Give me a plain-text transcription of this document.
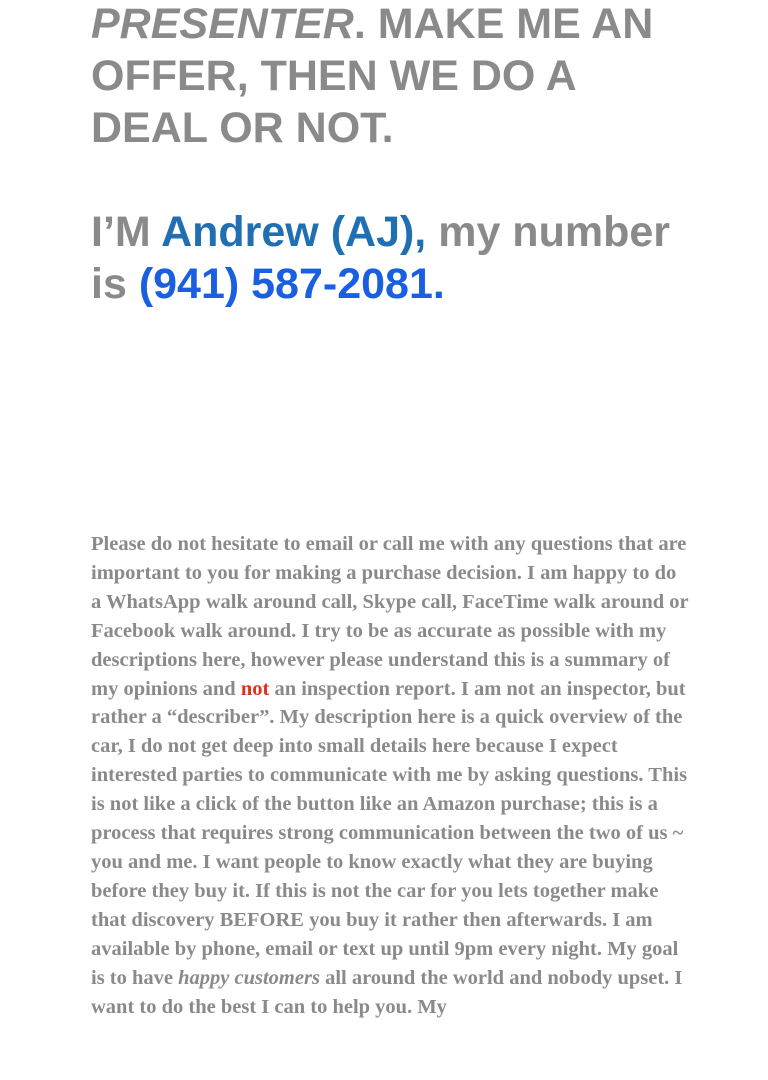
PRESENTER. MAKE ME AN OFFER, THEN WE DO A DEAL OR NOT.

I’M Andrew (AJ), my number is (941) 587-2081.

Please do not hesitate to email or call me with any questions that are important to you for making a purchase decision. I am happy to do a WhatsApp walk around call, Skype call, FaceTime walk around or Facebook walk around. I try to be as accurate as possible with my descriptions here, however please understand this is a summary of my opinions and not an inspection report. I am not an inspector, but rather a “describer”. My description here is a quick overview of the car, I do not get deep into small details here because I expect interested parties to communicate with me by asking questions. This is not like a click of the button like an Amazon purchase; this is a process that requires strong communication between the two of us ~ you and me. I want people to know exactly what they are buying before they buy it. If this is not the car for you lets together make that discovery BEFORE you buy it rather then afterwards. I am available by phone, email or text up until 9pm every night. My goal is to have happy customers all around the world and nobody upset. I want to do the best I can to help you. My
